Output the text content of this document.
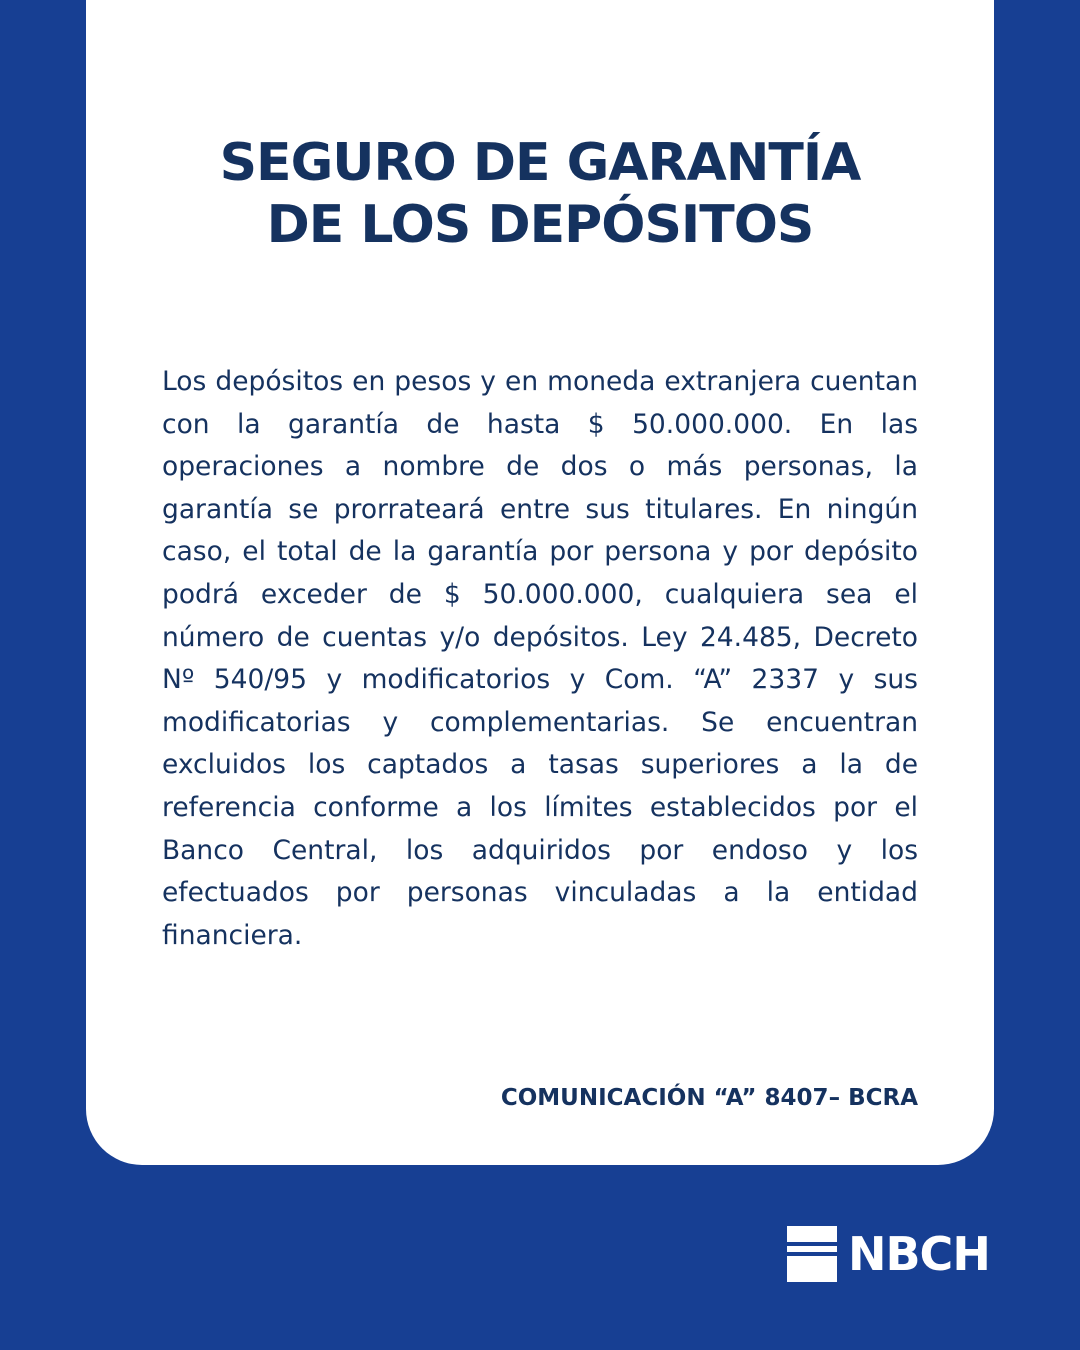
SEGURO DE GARANTÍA
DE LOS DEPÓSITOS

Los depósitos en pesos y en moneda extranjera cuentan con la garantía de hasta $ 50.000.000. En las operaciones a nombre de dos o más personas, la garantía se prorrateará entre sus titulares. En ningún caso, el total de la garantía por persona y por depósito podrá exceder de $ 50.000.000, cualquiera sea el número de cuentas y/o depósitos. Ley 24.485, Decreto Nº 540/95 y modificatorios y Com. “A” 2337 y sus modificatorias y complementarias. Se encuentran excluidos los captados a tasas superiores a la de referencia conforme a los límites establecidos por el Banco Central, los adquiridos por endoso y los efectuados por personas vinculadas a la entidad financiera.

COMUNICACIÓN “A” 8407– BCRA

NBCH
